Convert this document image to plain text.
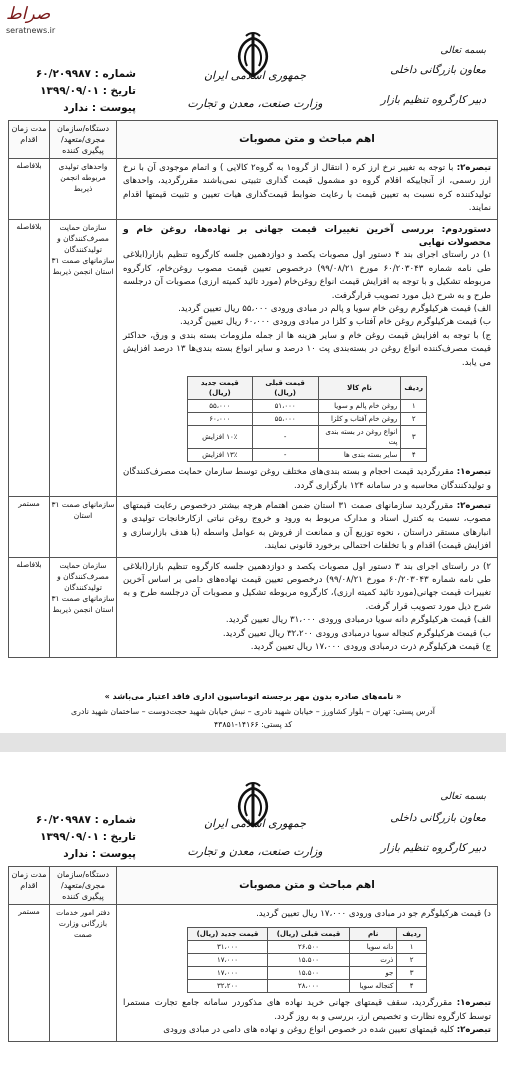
صراط
seratnews.ir
جمهوری اسلامی ایران
وزارت صنعت، معدن و تجارت
بسمه تعالی
معاون بازرگانی داخلی
دبیر کارگروه تنظیم بازار
شماره : ۶۰/۲۰۹۹۸۷
تاریخ : ۱۳۹۹/۰۹/۰۱
پیوست : ندارد
اهم مباحث و متن مصوبات	دستگاه/سازمان مجری/متعهد/ پیگیری کننده	مدت زمان اقدام
تبصره۲: با توجه به تغییر نرخ ارز کره ( انتقال از گروه۱ به گروه۲ کالایی ) و اتمام موجودی آن با نرخ ارز رسمی، از آنجاییکه اقلام گروه دو مشمول قیمت گذاری تثبیتی نمی‌باشند مقررگردید، واحدهای تولیدکننده کره نسبت به تعیین قیمت با رعایت ضوابط قیمت‌گذاری هیات تعیین و تثبیت قیمتها اقدام نمایند.	واحدهای تولیدی مربوطه انجمن ذیربط	بلافاصله

دستوردوم: بررسی آخرین تغییرات قیمت جهانی بر نهاده‌ها، روغن خام و محصولات نهایی

۱) در راستای اجرای بند ۴ دستور اول مصوبات یکصد و دوازدهمین جلسه کارگروه تنظیم بازار(ابلاغی طی نامه شماره ۶۰/۲۰۳۰۴۳ مورخ ۹۹/۰۸/۲۱) درخصوص تعیین قیمت مصوب روغن‌خام، کارگروه مربوطه تشکیل و با توجه به افزایش قیمت انواع روغن‌خام (مورد تائید کمیته ارزی) مصوبات آن درجلسه طرح و به شرح ذیل مورد تصویب قرارگرفت.

الف) قیمت هرکیلوگرم روغن خام سویا و پالم در مبادی ورودی ۵۵،۰۰۰ ریال تعیین گردید.

ب) قیمت هرکیلوگرم روغن خام آفتاب و کلزا در مبادی ورودی ۶۰،۰۰۰ ریال تعیین گردید.

ج) با توجه به افزایش قیمت روغن خام و سایر هزینه ها از جمله ملزومات بسته بندی و ورق، حداکثر قیمت مصرف‌کننده انواع روغن در بسته‌بندی پت ۱۰ درصد و سایر انواع بسته بندی‌ها ۱۳ درصد افزایش می یابد.

ردیف	نام کالا	قیمت قبلی (ریال)	قیمت جدید (ریال)
۱	روغن خام پالم و سویا	۵۱،۰۰۰	۵۵،۰۰۰
۲	روغن خام آفتاب و کلزا	۵۵،۰۰۰	۶۰،۰۰۰
۳	انواع روغن در بسته بندی پت	-	۱۰٪ افزایش
۴	سایر بسته بندی ها	-	۱۳٪ افزایش

تبصره۱: مقررگردید قیمت احجام و بسته بندی‌های مختلف روغن توسط سازمان حمایت مصرف‌کنندگان و تولیدکنندگان محاسبه و در سامانه ۱۲۴ بارگزاری گردد.

	سازمان حمایت مصرف‌کنندگان و تولیدکنندگان سازمانهای صمت ۳۱ استان انجمن ذیربط	بلافاصله
تبصره۲: مقررگردید سازمانهای صمت ۳۱ استان ضمن اهتمام هرچه بیشتر درخصوص رعایت قیمتهای مصوب، نسبت به کنترل اسناد و مدارک مربوط به ورود و خروج روغن نباتی ازکارخانجات تولیدی و انبارهای مستقر دراستان ، نحوه توزیع آن و ممانعت از فروش به عوامل واسطه (با هدف بازارسازی و افزایش قیمت) اقدام و با تخلفات احتمالی برخورد قانونی نمایند.	سازمانهای صمت ۳۱ استان	مستمر

۲) در راستای اجرای بند ۳ دستور اول مصوبات یکصد و دوازدهمین جلسه کارگروه تنظیم بازار(ابلاغی طی نامه شماره ۶۰/۲۰۳۰۴۳ مورخ ۹۹/۰۸/۲۱) درخصوص تعیین قیمت نهاده‌های دامی بر اساس آخرین تغییرات قیمت جهانی(مورد تائید کمیته ارزی)، کارگروه مربوطه تشکیل و مصوبات آن درجلسه طرح و به شرح ذیل مورد تصویب قرار گرفت.

الف) قیمت هرکیلوگرم دانه سویا درمبادی ورودی ۳۱،۰۰۰ ریال تعیین گردید.

ب) قیمت هرکیلوگرم کنجاله سویا درمبادی ورودی ۳۲،۲۰۰ ریال تعیین گردید.

ج) قیمت هرکیلوگرم ذرت درمبادی ورودی ۱۷،۰۰۰ ریال تعیین گردید.

	سازمان حمایت مصرف‌کنندگان و تولیدکنندگان سازمانهای صمت ۳۱ استان انجمن ذیربط	بلافاصله
« نامه‌های صادره بدون مهر برجسته اتوماسیون اداری فاقد اعتبار می‌باشد »
آدرس پستی: تهران – بلوار کشاورز – خیابان شهید نادری – نبش خیابان شهید حجت‌دوست – ساختمان شهید نادری
کد پستی: ۱۴۱۶۶-۴۳۸۵۱
جمهوری اسلامی ایران
وزارت صنعت، معدن و تجارت
بسمه تعالی
معاون بازرگانی داخلی
دبیر کارگروه تنظیم بازار
شماره : ۶۰/۲۰۹۹۸۷
تاریخ : ۱۳۹۹/۰۹/۰۱
پیوست : ندارد
اهم مباحث و متن مصوبات	دستگاه/سازمان مجری/متعهد/ پیگیری کننده	مدت زمان اقدام

د) قیمت هرکیلوگرم جو در مبادی ورودی ۱۷،۰۰۰ ریال تعیین گردید.

ردیف	نام	قیمت قبلی (ریال)	قیمت جدید (ریال)
۱	دانه سویا	۲۶،۵۰۰	۳۱،۰۰۰
۲	ذرت	۱۵،۵۰۰	۱۷،۰۰۰
۳	جو	۱۵،۵۰۰	۱۷،۰۰۰
۴	کنجاله سویا	۲۸،۰۰۰	۳۲،۲۰۰

تبصره۱: مقررگردید، سقف قیمتهای جهانی خرید نهاده های مذکوردر سامانه جامع تجارت مستمرا توسط کارگروه نظارت و تخصیص ارز، بررسی و به روز گردد.

تبصره۲: کلیه قیمتهای تعیین شده در خصوص انواع روغن و نهاده های دامی در مبادی ورودی

	دفتر امور خدمات بازرگانی وزارت صمت	مستمر
